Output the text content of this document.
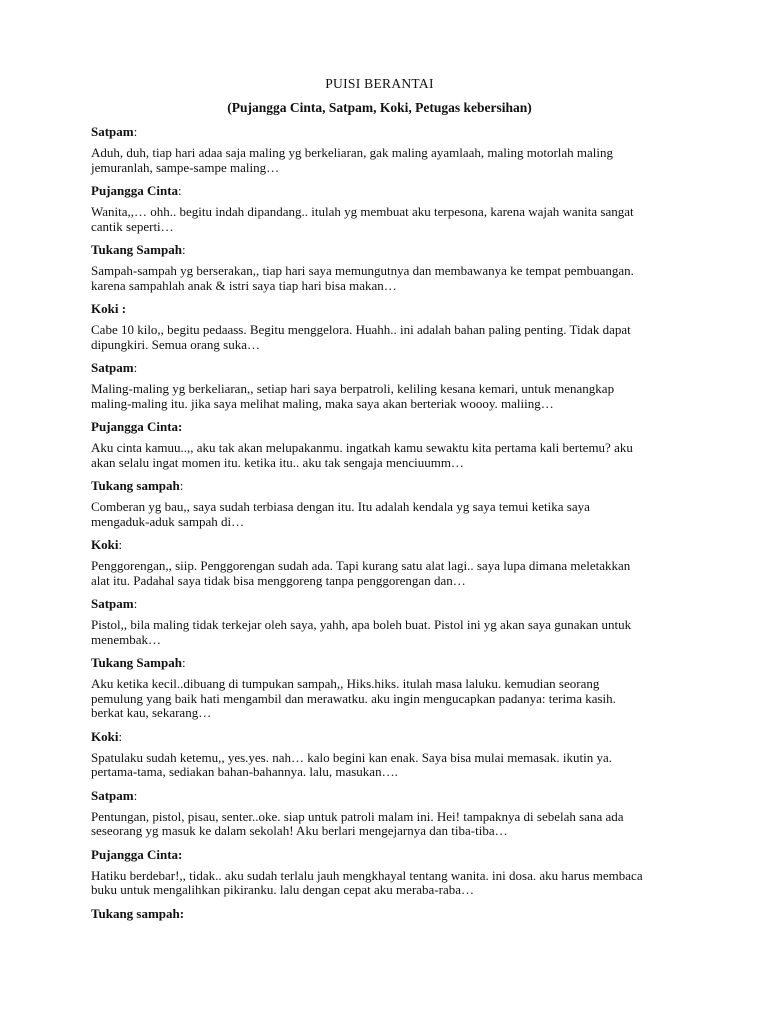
PUISI BERANTAI
(Pujangga Cinta, Satpam, Koki, Petugas kebersihan)
Satpam:
Aduh, duh, tiap hari adaa saja maling yg berkeliaran, gak maling ayamlaah, maling motorlah maling
jemuranlah, sampe-sampe maling…
Pujangga Cinta:
Wanita,,… ohh.. begitu indah dipandang.. itulah yg membuat aku terpesona, karena wajah wanita sangat
cantik seperti…
Tukang Sampah:
Sampah-sampah yg berserakan,, tiap hari saya memungutnya dan membawanya ke tempat pembuangan.
karena sampahlah anak & istri saya tiap hari bisa makan…
Koki :
Cabe 10 kilo,, begitu pedaass. Begitu menggelora. Huahh.. ini adalah bahan paling penting. Tidak dapat
dipungkiri. Semua orang suka…
Satpam:
Maling-maling yg berkeliaran,, setiap hari saya berpatroli, keliling kesana kemari, untuk menangkap
maling-maling itu. jika saya melihat maling, maka saya akan berteriak woooy. maliing…
Pujangga Cinta:
Aku cinta kamuu..,, aku tak akan melupakanmu. ingatkah kamu sewaktu kita pertama kali bertemu? aku
akan selalu ingat momen itu. ketika itu.. aku tak sengaja menciuumm…
Tukang sampah:
Comberan yg bau,, saya sudah terbiasa dengan itu. Itu adalah kendala yg saya temui ketika saya
mengaduk-aduk sampah di…
Koki:
Penggorengan,, siip. Penggorengan sudah ada. Tapi kurang satu alat lagi.. saya lupa dimana meletakkan
alat itu. Padahal saya tidak bisa menggoreng tanpa penggorengan dan…
Satpam:
Pistol,, bila maling tidak terkejar oleh saya, yahh, apa boleh buat. Pistol ini yg akan saya gunakan untuk
menembak…
Tukang Sampah:
Aku ketika kecil..dibuang di tumpukan sampah,, Hiks.hiks. itulah masa laluku. kemudian seorang
pemulung yang baik hati mengambil dan merawatku. aku ingin mengucapkan padanya: terima kasih.
berkat kau, sekarang…
Koki:
Spatulaku sudah ketemu,, yes.yes. nah… kalo begini kan enak. Saya bisa mulai memasak. ikutin ya.
pertama-tama, sediakan bahan-bahannya. lalu, masukan….
Satpam:
Pentungan, pistol, pisau, senter..oke. siap untuk patroli malam ini. Hei! tampaknya di sebelah sana ada
seseorang yg masuk ke dalam sekolah! Aku berlari mengejarnya dan tiba-tiba…
Pujangga Cinta:
Hatiku berdebar!,, tidak.. aku sudah terlalu jauh mengkhayal tentang wanita. ini dosa. aku harus membaca
buku untuk mengalihkan pikiranku. lalu dengan cepat aku meraba-raba…
Tukang sampah:
